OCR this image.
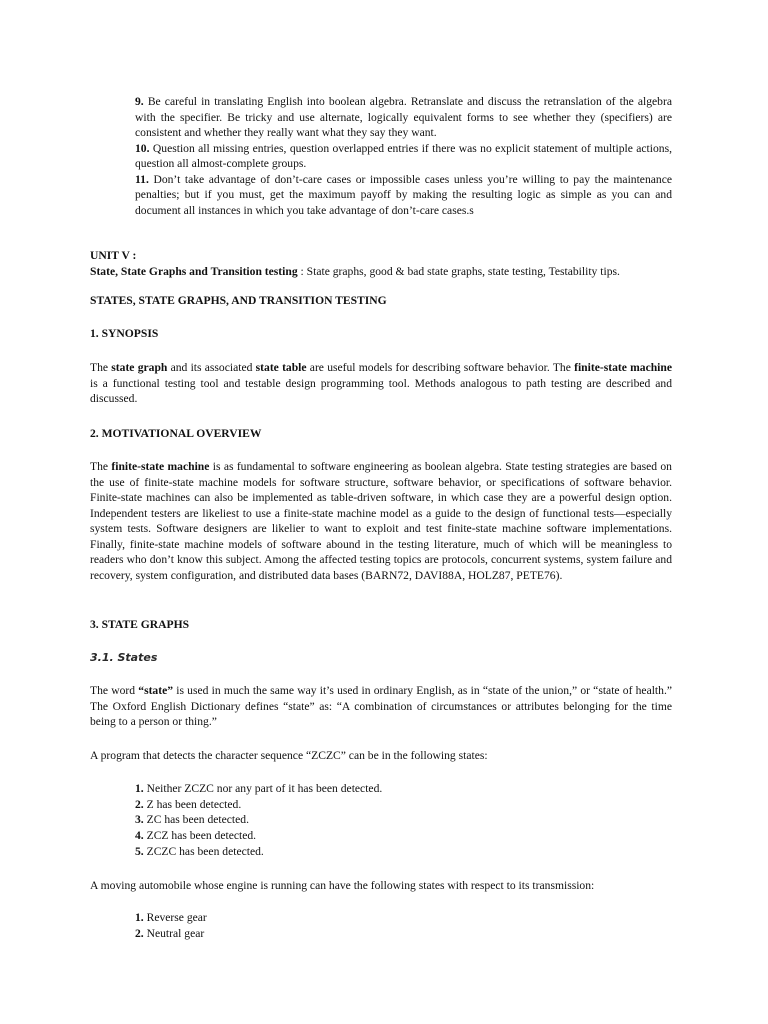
9. Be careful in translating English into boolean algebra. Retranslate and discuss the retranslation of the algebra with the specifier. Be tricky and use alternate, logically equivalent forms to see whether they (specifiers) are consistent and whether they really want what they say they want.

10. Question all missing entries, question overlapped entries if there was no explicit statement of multiple actions, question all almost-complete groups.

11. Don’t take advantage of don’t-care cases or impossible cases unless you’re willing to pay the maintenance penalties; but if you must, get the maximum payoff by making the resulting logic as simple as you can and document all instances in which you take advantage of don’t-care cases.s

UNIT V :
State, State Graphs and Transition testing : State graphs, good & bad state graphs, state testing, Testability tips.
STATES, STATE GRAPHS, AND TRANSITION TESTING
1. SYNOPSIS

The state graph and its associated state table are useful models for describing software behavior. The finite-state machine is a functional testing tool and testable design programming tool. Methods analogous to path testing are described and discussed.

2. MOTIVATIONAL OVERVIEW

The finite-state machine is as fundamental to software engineering as boolean algebra. State testing strategies are based on the use of finite-state machine models for software structure, software behavior, or specifications of software behavior. Finite-state machines can also be implemented as table-driven software, in which case they are a powerful design option. Independent testers are likeliest to use a finite-state machine model as a guide to the design of functional tests—especially system tests. Software designers are likelier to want to exploit and test finite-state machine software implementations. Finally, finite-state machine models of software abound in the testing literature, much of which will be meaningless to readers who don’t know this subject. Among the affected testing topics are protocols, concurrent systems, system failure and recovery, system configuration, and distributed data bases (BARN72, DAVI88A, HOLZ87, PETE76).

3. STATE GRAPHS
3.1. States

The word “state” is used in much the same way it’s used in ordinary English, as in “state of the union,” or “state of health.” The Oxford English Dictionary defines “state” as: “A combination of circumstances or attributes belonging for the time being to a person or thing.”

A program that detects the character sequence “ZCZC” can be in the following states:

1. Neither ZCZC nor any part of it has been detected.
2. Z has been detected.
3. ZC has been detected.
4. ZCZ has been detected.
5. ZCZC has been detected.

A moving automobile whose engine is running can have the following states with respect to its transmission:

1. Reverse gear
2. Neutral gear
